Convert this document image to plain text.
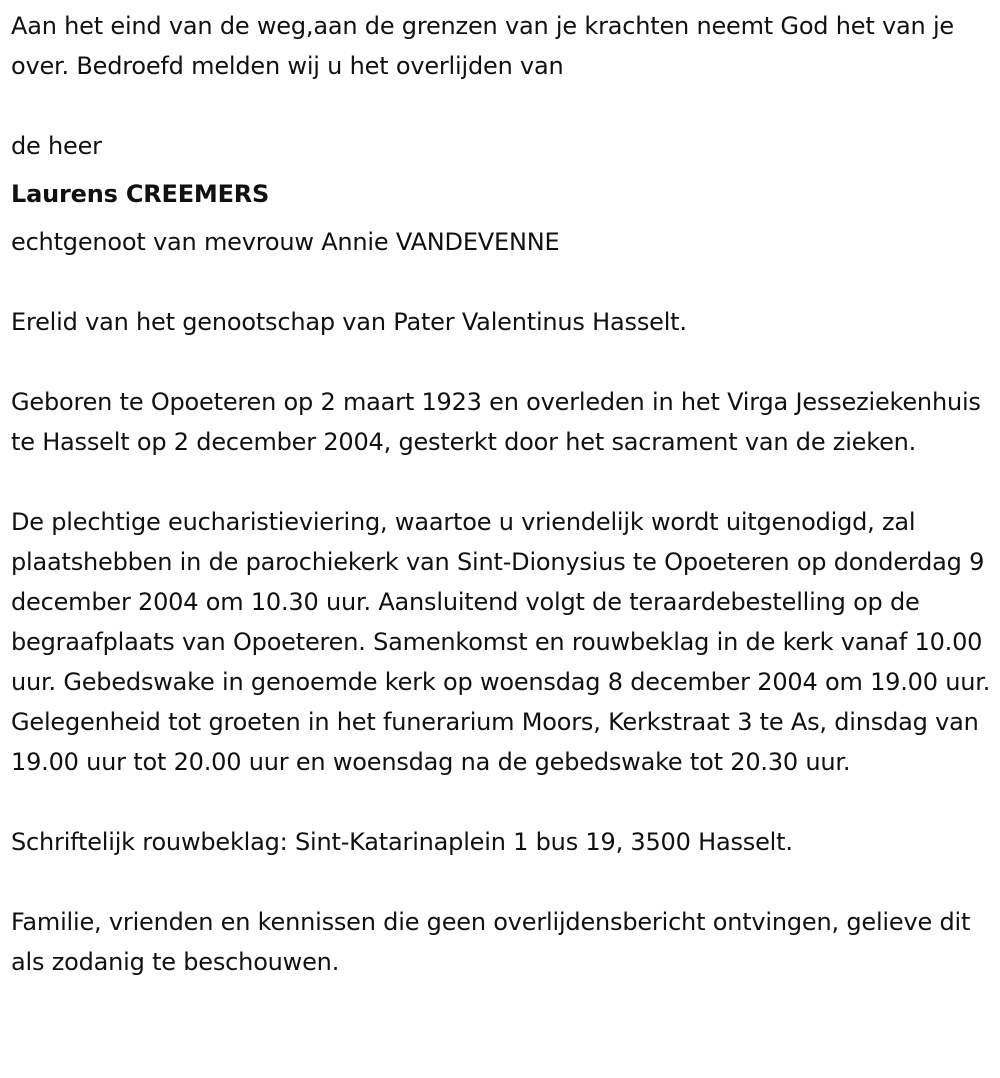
Aan het eind van de weg,aan de grenzen van je krachten neemt God het van je over. Bedroefd melden wij u het overlijden van

de heer

Laurens CREEMERS

echtgenoot van mevrouw Annie VANDEVENNE

Erelid van het genootschap van Pater Valentinus Hasselt.

Geboren te Opoeteren op 2 maart 1923 en overleden in het Virga Jesseziekenhuis te Hasselt op 2 december 2004, gesterkt door het sacrament van de zieken.

De plechtige eucharistieviering, waartoe u vriendelijk wordt uitgenodigd, zal plaatshebben in de parochiekerk van Sint-Dionysius te Opoeteren op donderdag 9 december 2004 om 10.30 uur. Aansluitend volgt de teraardebestelling op de begraafplaats van Opoeteren. Samenkomst en rouwbeklag in de kerk vanaf 10.00 uur. Gebedswake in genoemde kerk op woensdag 8 december 2004 om 19.00 uur. Gelegenheid tot groeten in het funerarium Moors, Kerkstraat 3 te As, dinsdag van 19.00 uur tot 20.00 uur en woensdag na de gebedswake tot 20.30 uur.

Schriftelijk rouwbeklag: Sint-Katarinaplein 1 bus 19, 3500 Hasselt.

Familie, vrienden en kennissen die geen overlijdensbericht ontvingen, gelieve dit als zodanig te beschouwen.
